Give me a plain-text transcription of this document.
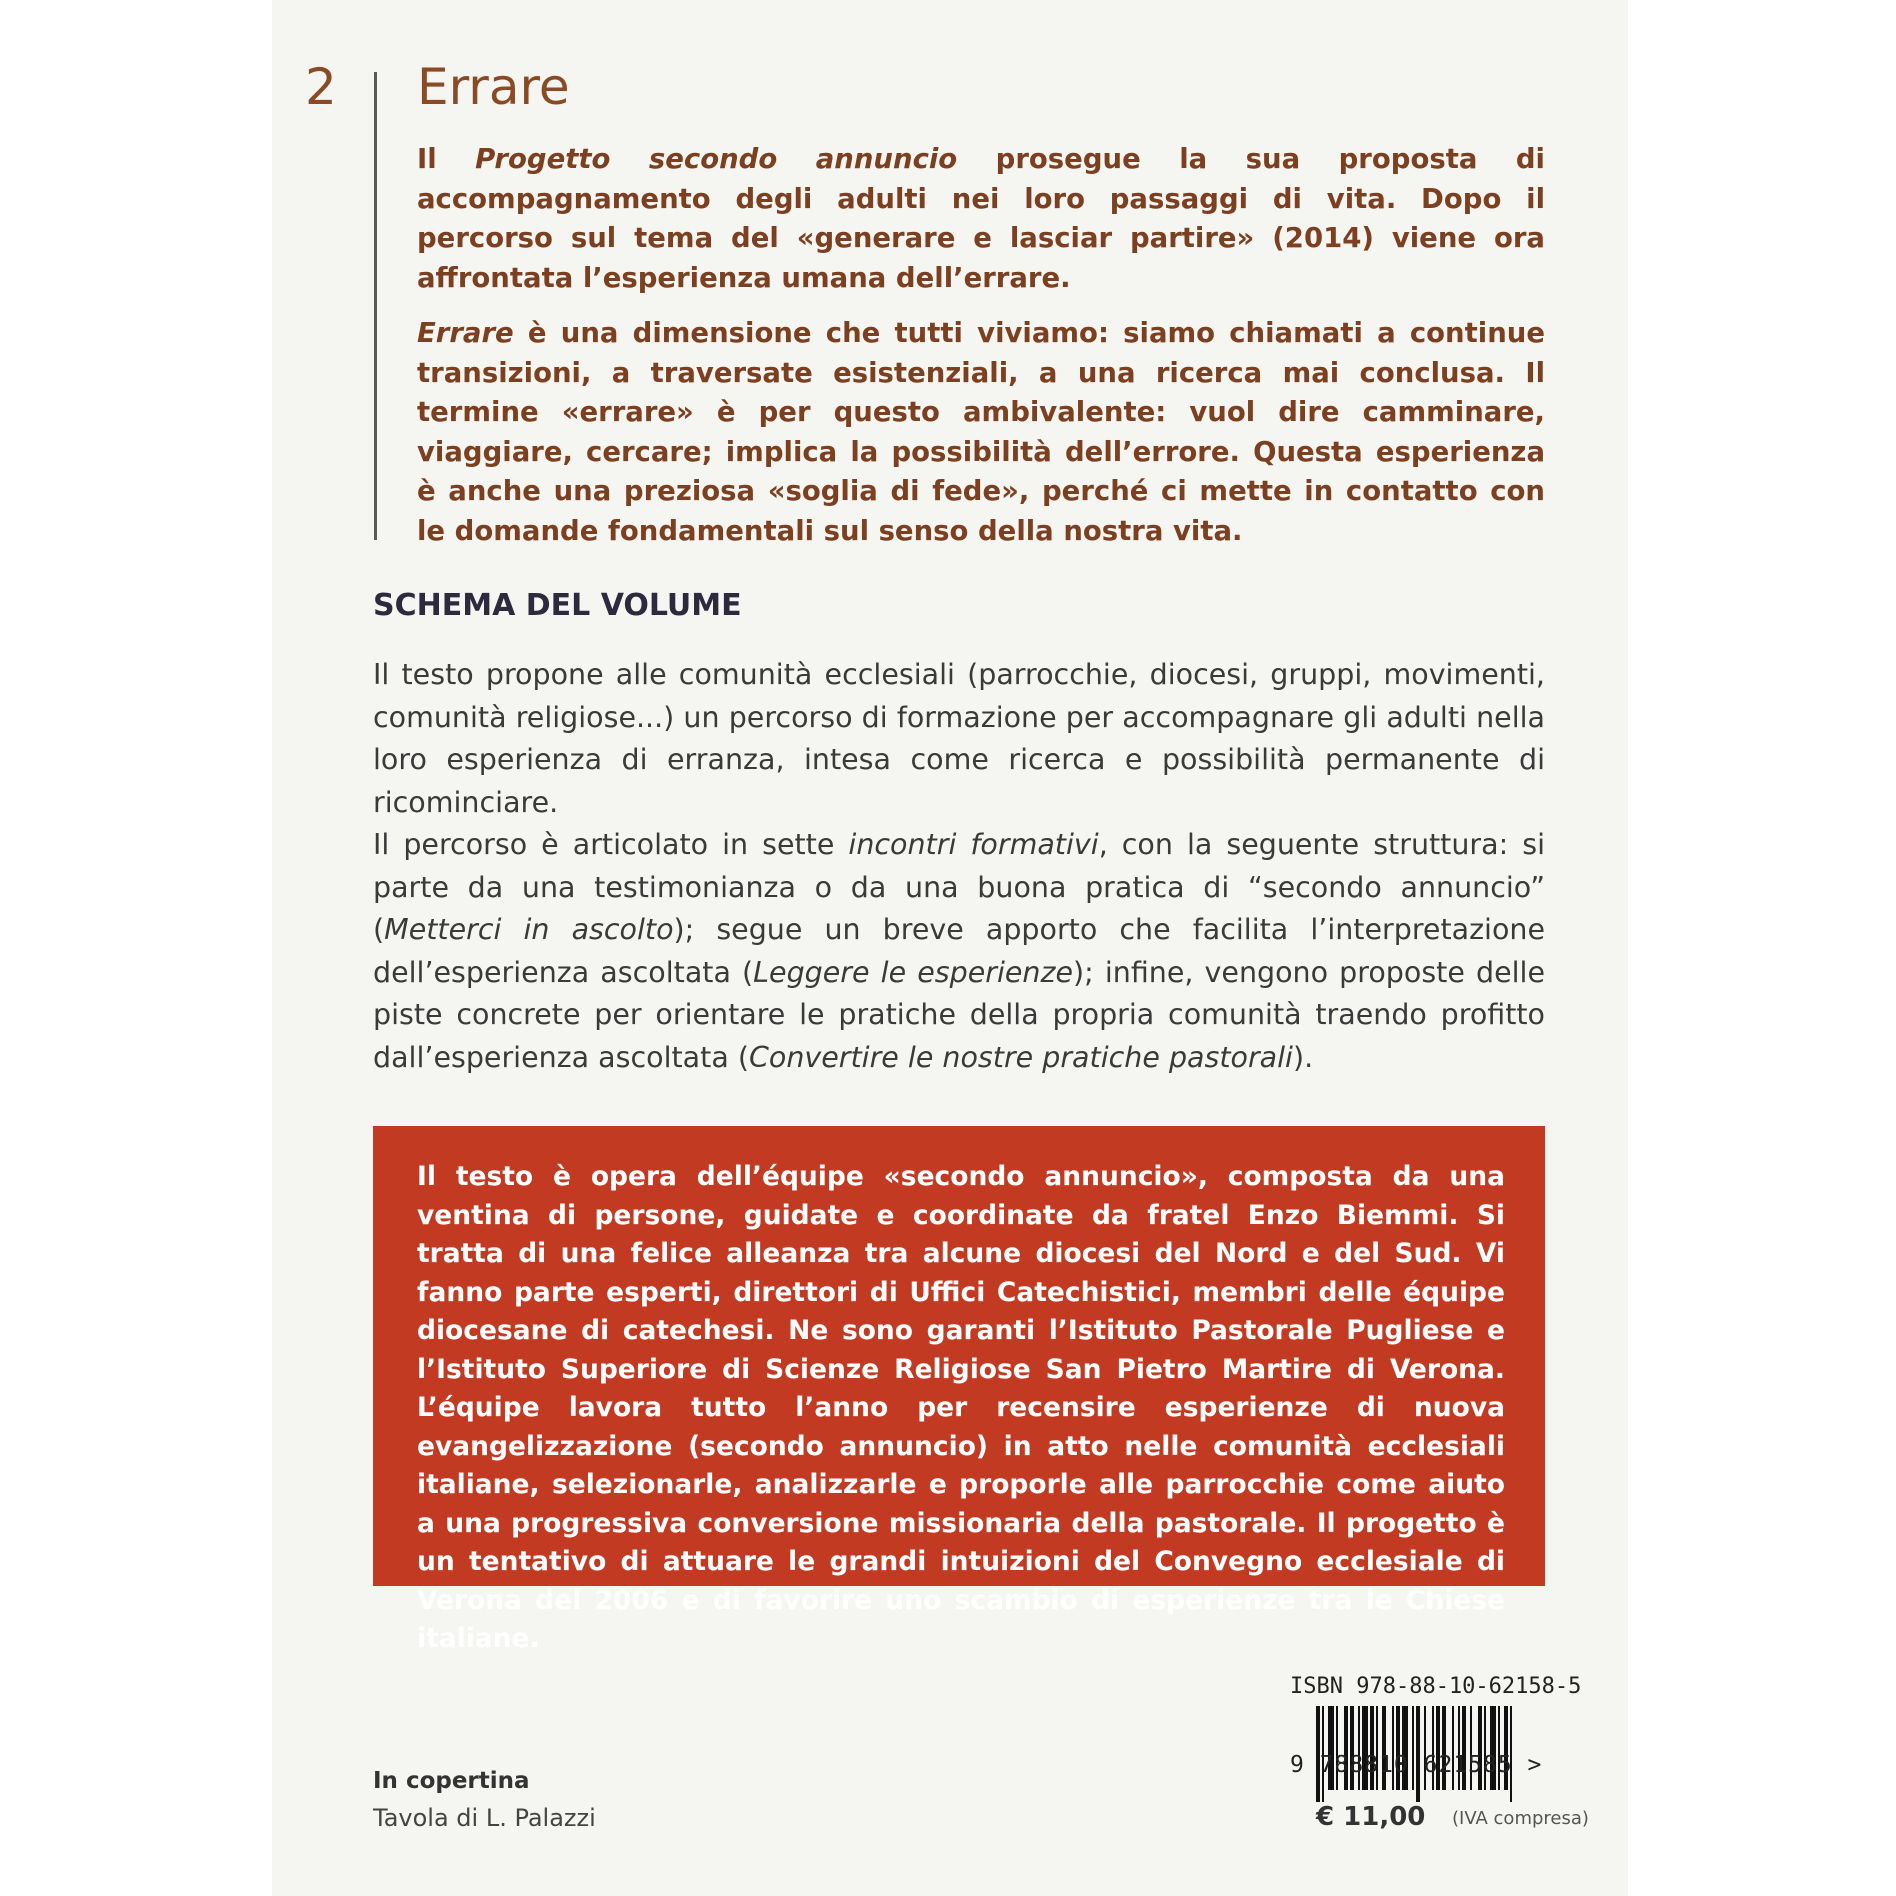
2 Errare

Il Progetto secondo annuncio prosegue la sua proposta di accompagnamento degli adulti nei loro passaggi di vita. Dopo il percorso sul tema del «generare e lasciar partire» (2014) viene ora affrontata l’esperienza umana dell’errare.

Errare è una dimensione che tutti viviamo: siamo chiamati a continue transizioni, a traversate esistenziali, a una ricerca mai conclusa. Il termine «errare» è per questo ambivalente: vuol dire camminare, viaggiare, cercare; implica la possibilità dell’errore. Questa esperienza è anche una preziosa «soglia di fede», perché ci mette in contatto con le domande fondamentali sul senso della nostra vita.

SCHEMA DEL VOLUME

Il testo propone alle comunità ecclesiali (parrocchie, diocesi, gruppi, movimenti, comunità religiose...) un percorso di formazione per accompagnare gli adulti nella loro esperienza di erranza, intesa come ricerca e possibilità permanente di ricominciare.

Il percorso è articolato in sette incontri formativi, con la seguente struttura: si parte da una testimonianza o da una buona pratica di “secondo annuncio” (Metterci in ascolto); segue un breve apporto che facilita l’interpretazione dell’esperienza ascoltata (Leggere le esperienze); infine, vengono proposte delle piste concrete per orientare le pratiche della propria comunità traendo profitto dall’esperienza ascoltata (Convertire le nostre pratiche pastorali).

Il testo è opera dell’équipe «secondo annuncio», composta da una ventina di persone, guidate e coordinate da fratel Enzo Biemmi. Si tratta di una felice alleanza tra alcune diocesi del Nord e del Sud. Vi fanno parte esperti, direttori di Uffici Catechistici, membri delle équipe diocesane di catechesi. Ne sono garanti l’Istituto Pastorale Pugliese e l’Istituto Superiore di Scienze Religiose San Pietro Martire di Verona. L’équipe lavora tutto l’anno per recensire esperienze di nuova evangelizzazione (secondo annuncio) in atto nelle comunità ecclesiali italiane, selezionarle, analizzarle e proporle alle parrocchie come aiuto a una progressiva conversione missionaria della pastorale. Il progetto è un tentativo di attuare le grandi intuizioni del Convegno ecclesiale di Verona del 2006 e di favorire uno scambio di esperienze tra le Chiese italiane.

ISBN 978-88-10-62158-5
9 788810 621585 >
In copertina
Tavola di L. Palazzi	€ 11,00 (IVA compresa)
